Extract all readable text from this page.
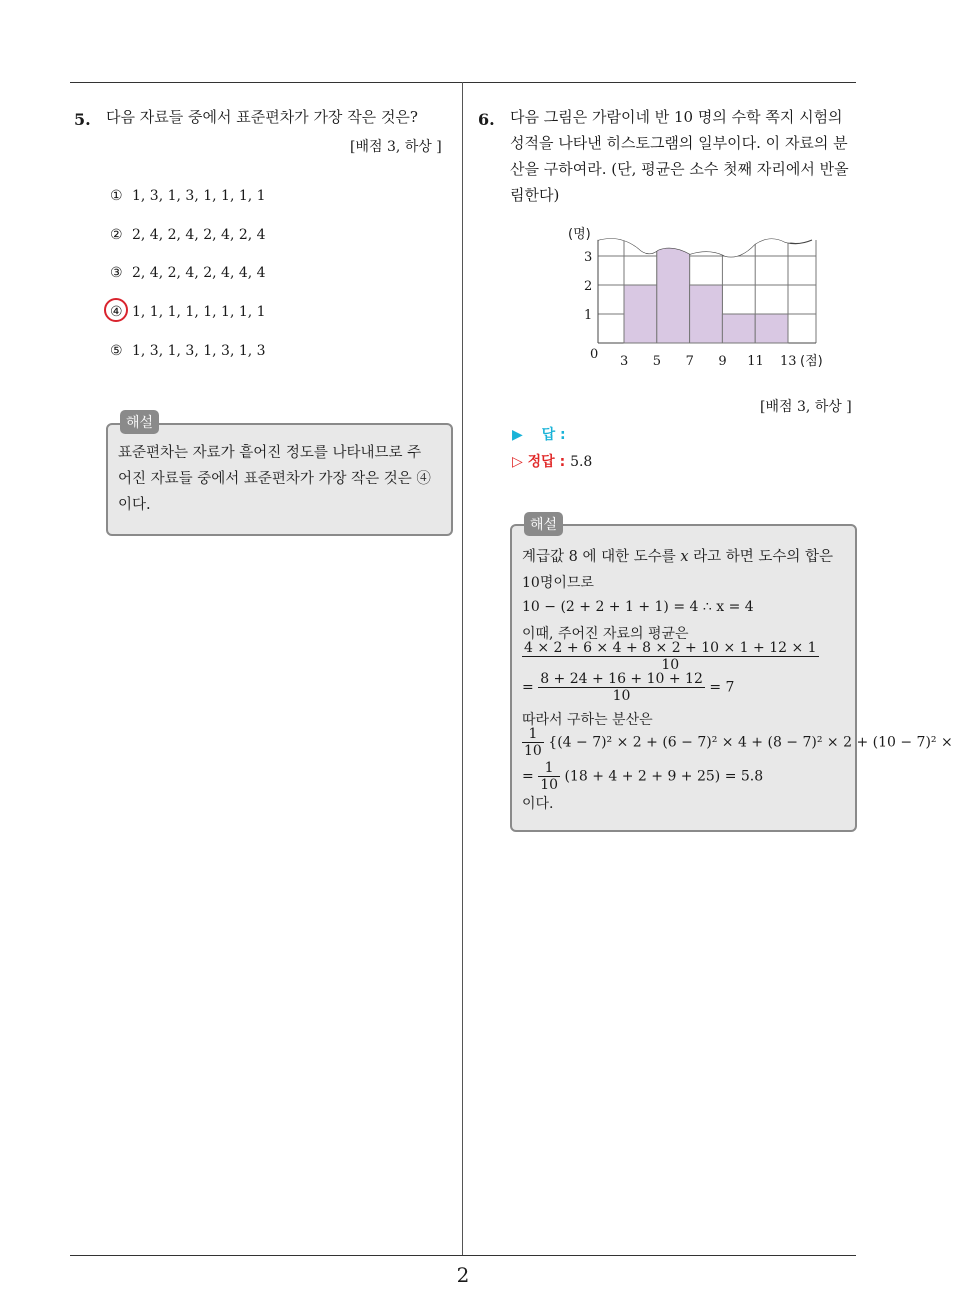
2
5. 다음 자료들 중에서 표준편차가 가장 작은 것은?
[배점 3, 하상 ]
① 1, 3, 1, 3, 1, 1, 1, 1
② 2, 4, 2, 4, 2, 4, 2, 4
③ 2, 4, 2, 4, 2, 4, 4, 4
④ 1, 1, 1, 1, 1, 1, 1, 1
⑤ 1, 3, 1, 3, 1, 3, 1, 3
해설
표준편차는 자료가 흩어진 정도를 나타내므로 주
어진 자료들 중에서 표준편차가 가장 작은 것은 ④
이다.
6. 다음 그림은 가람이네 반 10 명의 수학 쪽지 시험의
성적을 나타낸 히스토그램의 일부이다. 이 자료의 분
산을 구하여라. (단, 평균은 소수 첫째 자리에서 반올
림한다)
1
2
3
(명)
0 3 5 7 9 11 13 (점)
[배점 3, 하상 ]
▶ 답 :
▷ 정답 : 5.8
해설
계급값 8 에 대한 도수를 x 라고 하면 도수의 합은
10명이므로
10 − (2 + 2 + 1 + 1) = 4 ∴ x = 4
이때, 주어진 자료의 평균은
$\frac{4 \times 2 + 6 \times 4 + 8 \times 2 + 10 \times 1 + 12 \times 1}{10}$
= $\frac{8 + 24 + 16 + 10 + 12}{10} = 7$
따라서 구하는 분산은
$\frac{1}{10} \{(4 - 7)^2 \times 2 + (6 - 7)^2 \times 4 + (8 - 7)^2 \times 2 + (10 - 7)^2$ ×
= $\frac{1}{10} (18 + 4 + 2 + 9 + 25) = 5.8$
이다.
